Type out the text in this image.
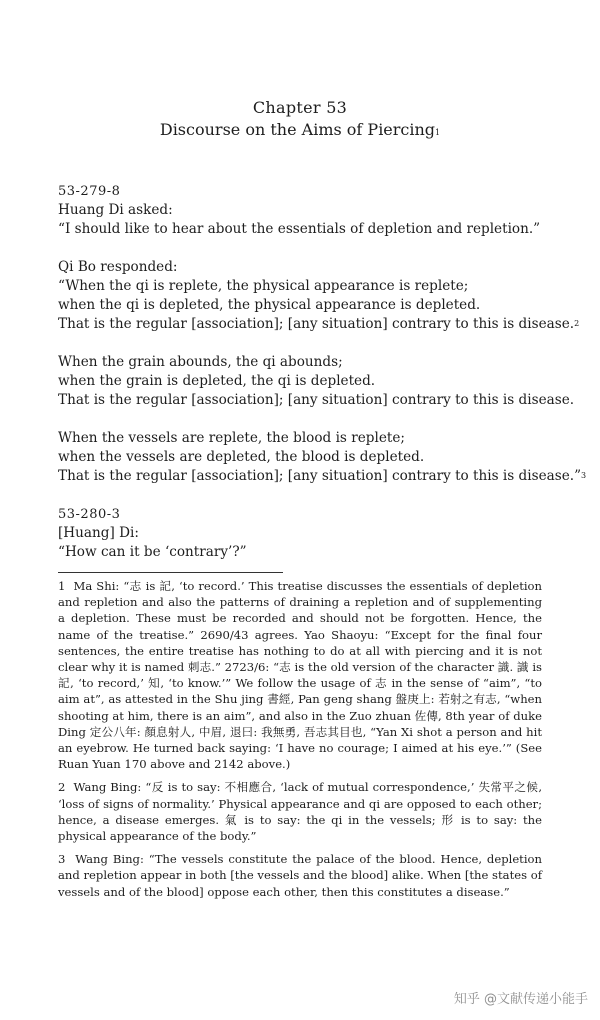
Chapter 53
Discourse on the Aims of Piercing$^1$
53-279-8
Huang Di asked:
“I should like to hear about the essentials of depletion and repletion.”
Qi Bo responded:
“When the qi is replete, the physical appearance is replete;
when the qi is depleted, the physical appearance is depleted.
That is the regular [association]; [any situation] contrary to this is disease.$^2$
When the grain abounds, the qi abounds;
when the grain is depleted, the qi is depleted.
That is the regular [association]; [any situation] contrary to this is disease.
When the vessels are replete, the blood is replete;
when the vessels are depleted, the blood is depleted.
That is the regular [association]; [any situation] contrary to this is disease.”$^3$
53-280-3
[Huang] Di:
“How can it be ‘contrary’?”

1 Ma Shi: “志 is 記, ‘to record.’ This treatise discusses the essentials of depletion and repletion and also the patterns of draining a repletion and of supplementing a depletion. These must be recorded and should not be forgotten. Hence, the name of the treatise.” 2690/43 agrees. Yao Shaoyu: “Except for the final four sentences, the entire treatise has nothing to do at all with piercing and it is not clear why it is named 刺志.” 2723/6: “志 is the old version of the character 識. 識 is 記, ‘to record,’ 知, ‘to know.’” We follow the usage of 志 in the sense of “aim”, “to aim at”, as attested in the Shu jing 書經, Pan geng shang 盤庚上: 若射之有志, “when shooting at him, there is an aim”, and also in the Zuo zhuan 佐傳, 8th year of duke Ding 定公八年: 顏息射人, 中眉, 退曰: 我無勇, 吾志其目也, “Yan Xi shot a person and hit an eyebrow. He turned back saying: ‘I have no courage; I aimed at his eye.’” (See Ruan Yuan 170 above and 2142 above.)

2 Wang Bing: “反 is to say: 不相應合, ‘lack of mutual correspondence,’ 失常平之候, ‘loss of signs of normality.’ Physical appearance and qi are opposed to each other; hence, a disease emerges. 氣 is to say: the qi in the vessels; 形 is to say: the physical appearance of the body.”

3 Wang Bing: “The vessels constitute the palace of the blood. Hence, depletion and repletion appear in both [the vessels and the blood] alike. When [the states of vessels and of the blood] oppose each other, then this constitutes a disease.”

知乎 @文献传递小能手
